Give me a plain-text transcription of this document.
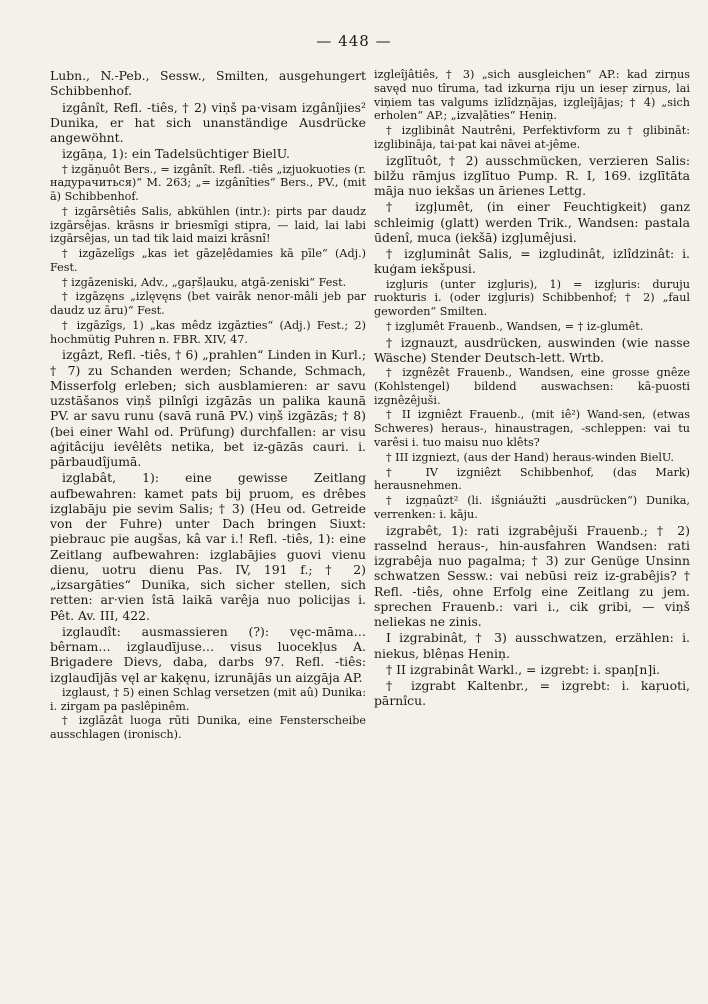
— 448 —

Lubn., N.-Peb., Sessw., Smilten, ausgehungert Schibbenhof.

izgânît, Refl. -tiês, † 2) viņš pa·visam izgânîjies² Dunika, er hat sich unanständige Ausdrücke angewöhnt.

izgāņa, 1): ein Tadelsüchtiger BielU.

† izgāņuôt Bers., = izgânît. Refl. -tiês „izjuokuoties (r. надурачиться)“ M. 263; „= izgânîties“ Bers., PV., (mit ā) Schibbenhof.

† izgārsêtiês Salis, abkühlen (intr.): pirts par daudz izgārsêjas. krāsns ir briesmîgi stipra, — laid, lai labi izgārsêjas, un tad tik laid maizi krāsnî!

† izgāzelîgs „kas iet gāzeļêdamies kā pīle“ (Adj.) Fest.

† izgāzeniski, Adv., „gaŗšļauku, atgā-zeniski“ Fest.

† izgāzęns „izlęvęns (bet vairāk nenor-mâli jeb par daudz uz āru)“ Fest.

† izgāzîgs, 1) „kas mêdz izgāzties“ (Adj.) Fest.; 2) hochmütig Puhren n. FBR. XIV, 47.

izgâzt, Refl. -tiês, † 6) „prahlen“ Linden in Kurl.; † 7) zu Schanden werden; Schande, Schmach, Misserfolg erleben; sich ausblamieren: ar savu uzstāšanos viņš pilnîgi izgāzās un palika kaunā PV. ar savu runu (savā runā PV.) viņš izgāzās; † 8) (bei einer Wahl od. Prüfung) durchfallen: ar visu aģitâciju ievêlêts netika, bet iz-gāzās cauri. i. pārbaudîjumā.

izglabât, 1): eine gewisse Zeitlang aufbewahren: kamet pats bij pruom, es drêbes izglabāju pie sevim Salis; † 3) (Heu od. Getreide von der Fuhre) unter Dach bringen Siuxt: piebrauc pie augšas, kâ var i.! Refl. -tiês, 1): eine Zeitlang aufbewahren: izglabājies guovi vienu dienu, uotru dienu Pas. IV, 191 f.; † 2) „izsargāties“ Dunika, sich sicher stellen, sich retten: ar·vien îstā laikā varêja nuo policijas i. Pêt. Av. III, 422.

izglaudît: ausmassieren (?): vęc-māma… bêrnam… izglaudījuse… visus luocekļus A. Brigadere Dievs, daba, darbs 97. Refl. -tiês: izglaudījās vęl ar kaķęnu, izrunājās un aizgāja AP.

izglaust, † 5) einen Schlag versetzen (mit aû) Dunika: i. zirgam pa paslêpinêm.

† izglāzât luoga rūti Dunika, eine Fensterscheibe ausschlagen (ironisch).

izgleîjâtiês, † 3) „sich ausgleichen“ AP.: kad zirņus savęd nuo tîruma, tad izkurņa riju un ieseŗ zirņus, lai viņiem tas valgums izlîdzņājas, izgleîjājas; † 4) „sich erholen“ AP.; „izvaļāties“ Heniņ.

† izglibinât Nautrêni, Perfektivform zu † glibināt: izglibināja, tai·pat kai nāvei at-jême.

izglītuôt, † 2) ausschmücken, verzieren Salis: bilžu rāmjus izglītuo Pump. R. I, 169. izglītāta māja nuo iekšas un ārienes Lettg.

† izgļumêt, (in einer Feuchtigkeit) ganz schleimig (glatt) werden Trik., Wandsen: pastala ūdenî, muca (iekšā) izgļumêjusi.

† izgļuminât Salis, = izgludinât, izlîdzinât: i. kuģam iekšpusi.

izgļuris (unter izgļuris), 1) = izgļuris: duruju ruokturis i. (oder izgļuris) Schibbenhof; † 2) „faul geworden“ Smilten.

† izgļumêt Frauenb., Wandsen, = † iz-glumêt.

† izgnauzt, ausdrücken, auswinden (wie nasse Wäsche) Stender Deutsch-lett. Wrtb.

† izgnêzêt Frauenb., Wandsen, eine grosse gnêze (Kohlstengel) bildend auswachsen: kā-puosti izgnêzêjuši.

† II izgniêzt Frauenb., (mit iê²) Wand-sen, (etwas Schweres) heraus-, hinaustragen, -schleppen: vai tu varêsi i. tuo maisu nuo klêts?

† III izgniezt, (aus der Hand) heraus-winden BielU.

† IV izgniêzt Schibbenhof, (das Mark) herausnehmen.

† izgņaûzt² (li. išgniáužti „ausdrücken“) Dunika, verrenken: i. kāju.

izgrabêt, 1): rati izgrabêjuši Frauenb.; † 2) rasselnd heraus-, hin-ausfahren Wandsen: rati izgrabêja nuo pagalma; † 3) zur Genüge Unsinn schwatzen Sessw.: vai nebūsi reiz iz-grabêjis? † Refl. -tiês, ohne Erfolg eine Zeitlang zu jem. sprechen Frauenb.: vari i., cik gribi, — viņš neliekas ne zinis.

I izgrabinât, † 3) ausschwatzen, erzählen: i. niekus, blêņas Heniņ.

† II izgrabinât Warkl., = izgrebt: i. spaņ[n]i.

† izgrabt Kaltenbr., = izgrebt: i. kaŗuoti, pārnîcu.
